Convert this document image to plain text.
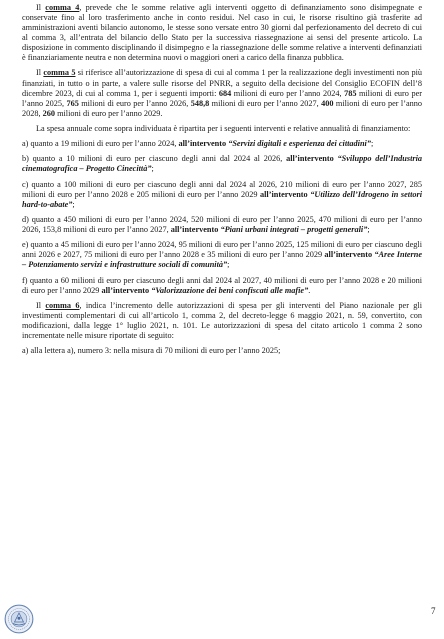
Il comma 4, prevede che le somme relative agli interventi oggetto di definanziamento sono disimpegnate e conservate fino al loro trasferimento anche in conto residui. Nel caso in cui, le risorse risultino già trasferite ad amministrazioni aventi bilancio autonomo, le stesse sono versate entro 30 giorni dal perfezionamento del decreto di cui al comma 3, all’entrata del bilancio dello Stato per la successiva riassegnazione ai sensi del presente articolo. La disposizione in commento disciplinando il disimpegno e la riassegnazione delle somme relative a interventi definanziati è finanziariamente neutra e non determina nuovi o maggiori oneri a carico della finanza pubblica.

Il comma 5 si riferisce all’autorizzazione di spesa di cui al comma 1 per la realizzazione degli investimenti non più finanziati, in tutto o in parte, a valere sulle risorse del PNRR, a seguito della decisione del Consiglio ECOFIN dell’8 dicembre 2023, di cui al comma 1, per i seguenti importi: 684 milioni di euro per l’anno 2024, 785 milioni di euro per l’anno 2025, 765 milioni di euro per l’anno 2026, 548,8 milioni di euro per l’anno 2027, 400 milioni di euro per l’anno 2028, 260 milioni di euro per l’anno 2029.

La spesa annuale come sopra individuata è ripartita per i seguenti interventi e relative annualità di finanziamento:

a) quanto a 19 milioni di euro per l’anno 2024, all’intervento “Servizi digitali e esperienza dei cittadini”;

b) quanto a 10 milioni di euro per ciascuno degli anni dal 2024 al 2026, all’intervento “Sviluppo dell’Industria cinematografica – Progetto Cinecittà”;

c) quanto a 100 milioni di euro per ciascuno degli anni dal 2024 al 2026, 210 milioni di euro per l’anno 2027, 285 milioni di euro per l’anno 2028 e 205 milioni di euro per l’anno 2029 all’intervento “Utilizzo dell’Idrogeno in settori hard-to-abate”;

d) quanto a 450 milioni di euro per l’anno 2024, 520 milioni di euro per l’anno 2025, 470 milioni di euro per l’anno 2026, 153,8 milioni di euro per l’anno 2027, all’intervento “Piani urbani integrati – progetti generali”;

e) quanto a 45 milioni di euro per l’anno 2024, 95 milioni di euro per l’anno 2025, 125 milioni di euro per ciascuno degli anni 2026 e 2027, 75 milioni di euro per l’anno 2028 e 35 milioni di euro per l’anno 2029 all’intervento “Aree Interne – Potenziamento servizi e infrastrutture sociali di comunità”;

f) quanto a 60 milioni di euro per ciascuno degli anni dal 2024 al 2027, 40 milioni di euro per l’anno 2028 e 20 milioni di euro per l’anno 2029 all’intervento “Valorizzazione dei beni confiscati alle mafie”.

Il comma 6, indica l’incremento delle autorizzazioni di spesa per gli interventi del Piano nazionale per gli investimenti complementari di cui all’articolo 1, comma 2, del decreto-legge 6 maggio 2021, n. 59, convertito, con modificazioni, dalla legge 1° luglio 2021, n. 101. Le autorizzazioni di spesa del citato articolo 1 comma 2 sono incrementate nelle misure riportate di seguito:

a) alla lettera a), numero 3: nella misura di 70 milioni di euro per l’anno 2025;

7
